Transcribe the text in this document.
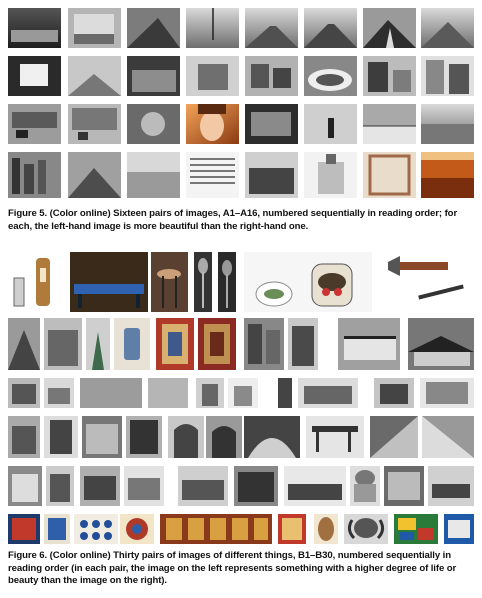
Figure 5. (Color online) Sixteen pairs of images, A1–A16, numbered sequentially in reading order; for each, the left-hand image is more beautiful than the right-hand one.
Figure 6. (Color online) Thirty pairs of images of different things, B1–B30, numbered sequentially in reading order (in each pair, the image on the left represents something with a higher degree of life or beauty than the image on the right).
